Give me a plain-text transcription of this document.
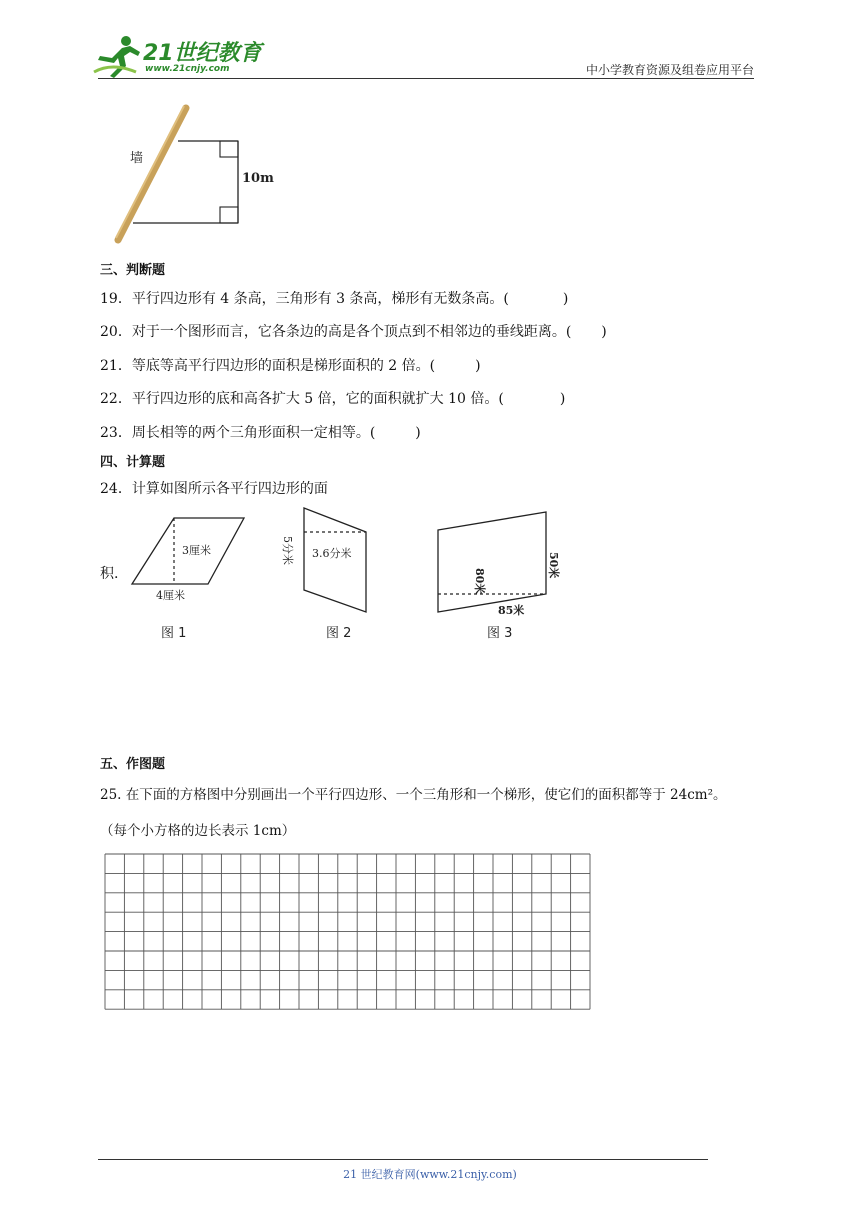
21世纪教育
www.21cnjy.com	中小学教育资源及组卷应用平台
墙
10m
三、判断题
19．平行四边形有 4 条高，三角形有 3 条高，梯形有无数条高。(	)
20．对于一个图形而言，它各条边的高是各个顶点到不相邻边的垂线距离。( )
21．等底等高平行四边形的面积是梯形面积的 2 倍。(	)
22．平行四边形的底和高各扩大 5 倍，它的面积就扩大 10 倍。(	)
23．周长相等的两个三角形面积一定相等。(	)
四、计算题
24．计算如图所示各平行四边形的面
积.
3厘米
4厘米
图 1
3.6分米
5分米
图 2
80米
50米
85米
图 3
五、作图题
25. 在下面的方格图中分别画出一个平行四边形、一个三角形和一个梯形，使它们的面积都等于 24cm²。
（每个小方格的边长表示 1cm）
21 世纪教育网(www.21cnjy.com)
